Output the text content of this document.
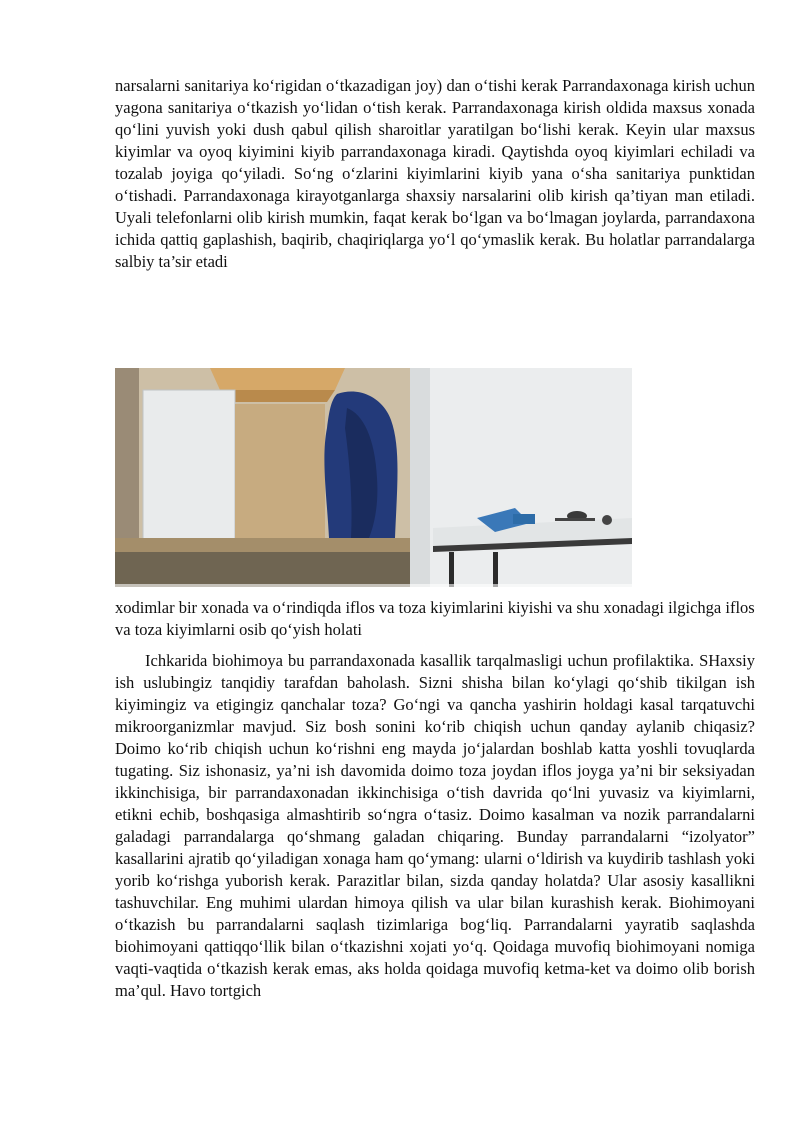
narsalarni sanitariya ko‘rigidan o‘tkazadigan joy) dan o‘tishi kerak Parrandaxonaga kirish uchun yagona sanitariya o‘tkazish yo‘lidan o‘tish kerak. Parrandaxonaga kirish oldida maxsus xonada qo‘lini yuvish yoki dush qabul qilish sharoitlar yaratilgan bo‘lishi kerak. Keyin ular maxsus kiyimlar va oyoq kiyimini kiyib parrandaxonaga kiradi. Qaytishda oyoq kiyimlari echiladi va tozalab joyiga qo‘yiladi. So‘ng o‘zlarini kiyimlarini kiyib yana o‘sha sanitariya punktidan o‘tishadi. Parrandaxonaga kirayotganlarga shaxsiy narsalarini olib kirish qa’tiyan man etiladi. Uyali telefonlarni olib kirish mumkin, faqat kerak bo‘lgan va bo‘lmagan joylarda, parrandaxona ichida qattiq gaplashish, baqirib, chaqiriqlarga yo‘l qo‘ymaslik kerak. Bu holatlar parrandalarga salbiy ta’sir etadi
xodimlar bir xonada va o‘rindiqda iflos va toza kiyimlarini kiyishi va shu xonadagi ilgichga iflos va toza kiyimlarni osib qo‘yish holati
Ichkarida biohimoya bu parrandaxonada kasallik tarqalmasligi uchun profilaktika. SHaxsiy ish uslubingiz tanqidiy tarafdan baholash. Sizni shisha bilan ko‘ylagi qo‘shib tikilgan ish kiyimingiz va etigingiz qanchalar toza? Go‘ngi va qancha yashirin holdagi kasal tarqatuvchi mikroorganizmlar mavjud. Siz bosh sonini ko‘rib chiqish uchun qanday aylanib chiqasiz? Doimo ko‘rib chiqish uchun ko‘rishni eng mayda jo‘jalardan boshlab katta yoshli tovuqlarda tugating. Siz ishonasiz, ya’ni ish davomida doimo toza joydan iflos joyga ya’ni bir seksiyadan ikkinchisiga, bir parrandaxonadan ikkinchisiga o‘tish davrida qo‘lni yuvasiz va kiyimlarni, etikni echib, boshqasiga almashtirib so‘ngra o‘tasiz. Doimo kasalman va nozik parrandalarni galadagi parrandalarga qo‘shmang galadan chiqaring. Bunday parrandalarni “izolyator” kasallarini ajratib qo‘yiladigan xonaga ham qo‘ymang: ularni o‘ldirish va kuydirib tashlash yoki yorib ko‘rishga yuborish kerak. Parazitlar bilan, sizda qanday holatda? Ular asosiy kasallikni tashuvchilar. Eng muhimi ulardan himoya qilish va ular bilan kurashish kerak. Biohimoyani o‘tkazish bu parrandalarni saqlash tizimlariga bog‘liq. Parrandalarni yayratib saqlashda biohimoyani qattiqqo‘llik bilan o‘tkazishni xojati yo‘q. Qoidaga muvofiq biohimoyani nomiga vaqti-vaqtida o‘tkazish kerak emas, aks holda qoidaga muvofiq ketma-ket va doimo olib borish ma’qul. Havo tortgich
